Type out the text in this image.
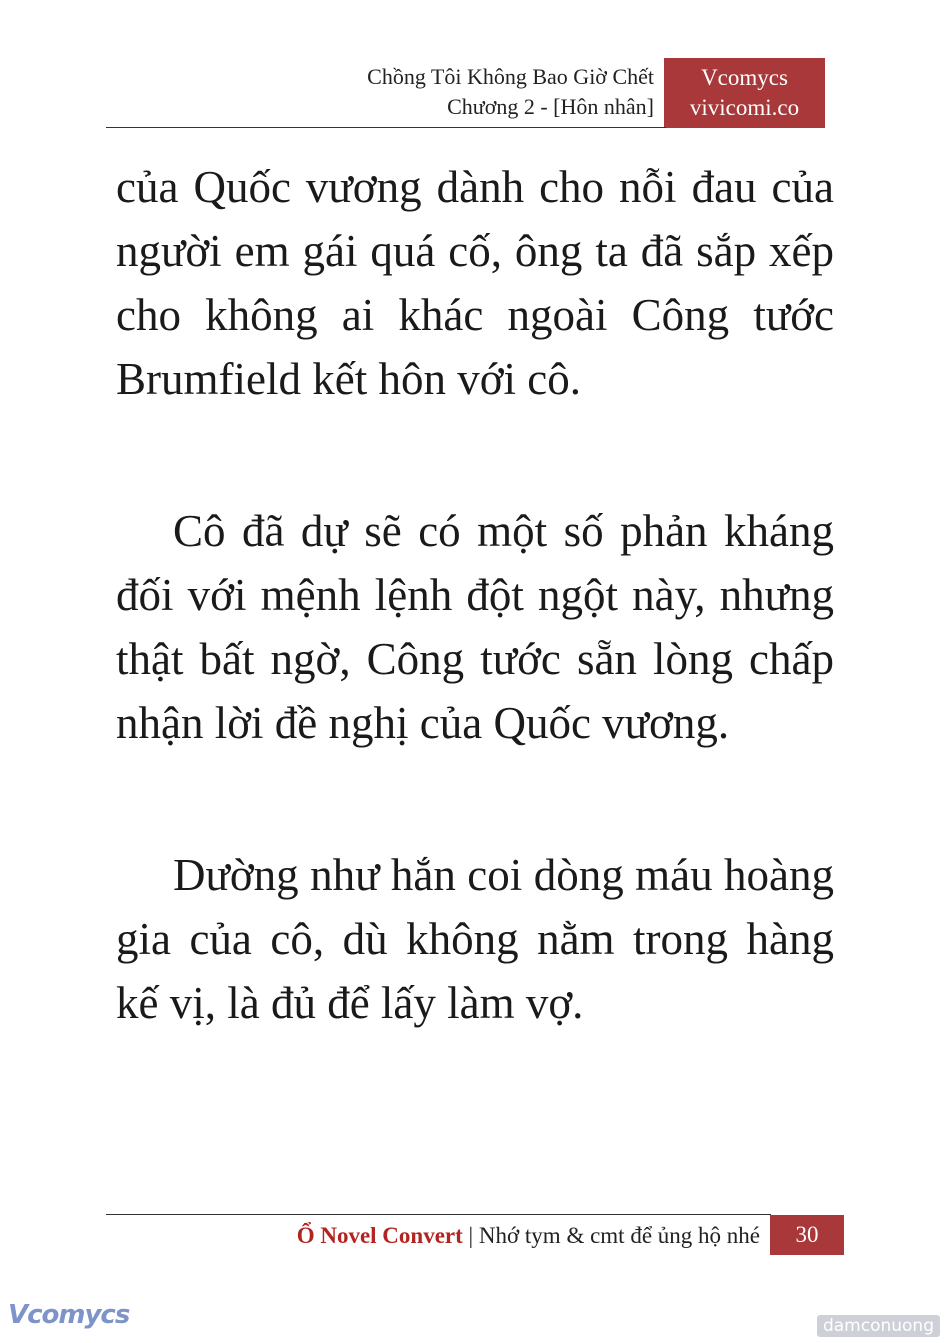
Chồng Tôi Không Bao Giờ Chết
Chương 2 - [Hôn nhân]
Vcomycs
vivicomi.co

của Quốc vương dành cho nỗi đau của người em gái quá cố, ông ta đã sắp xếp cho không ai khác ngoài Công tước Brumfield kết hôn với cô.

Cô đã dự sẽ có một số phản kháng đối với mệnh lệnh đột ngột này, nhưng thật bất ngờ, Công tước sẵn lòng chấp nhận lời đề nghị của Quốc vương.

Dường như hắn coi dòng máu hoàng gia của cô, dù không nằm trong hàng kế vị, là đủ để lấy làm vợ.

Ổ Novel Convert | Nhớ tym & cmt để ủng hộ nhé	30
Vcomycs	damconuong
